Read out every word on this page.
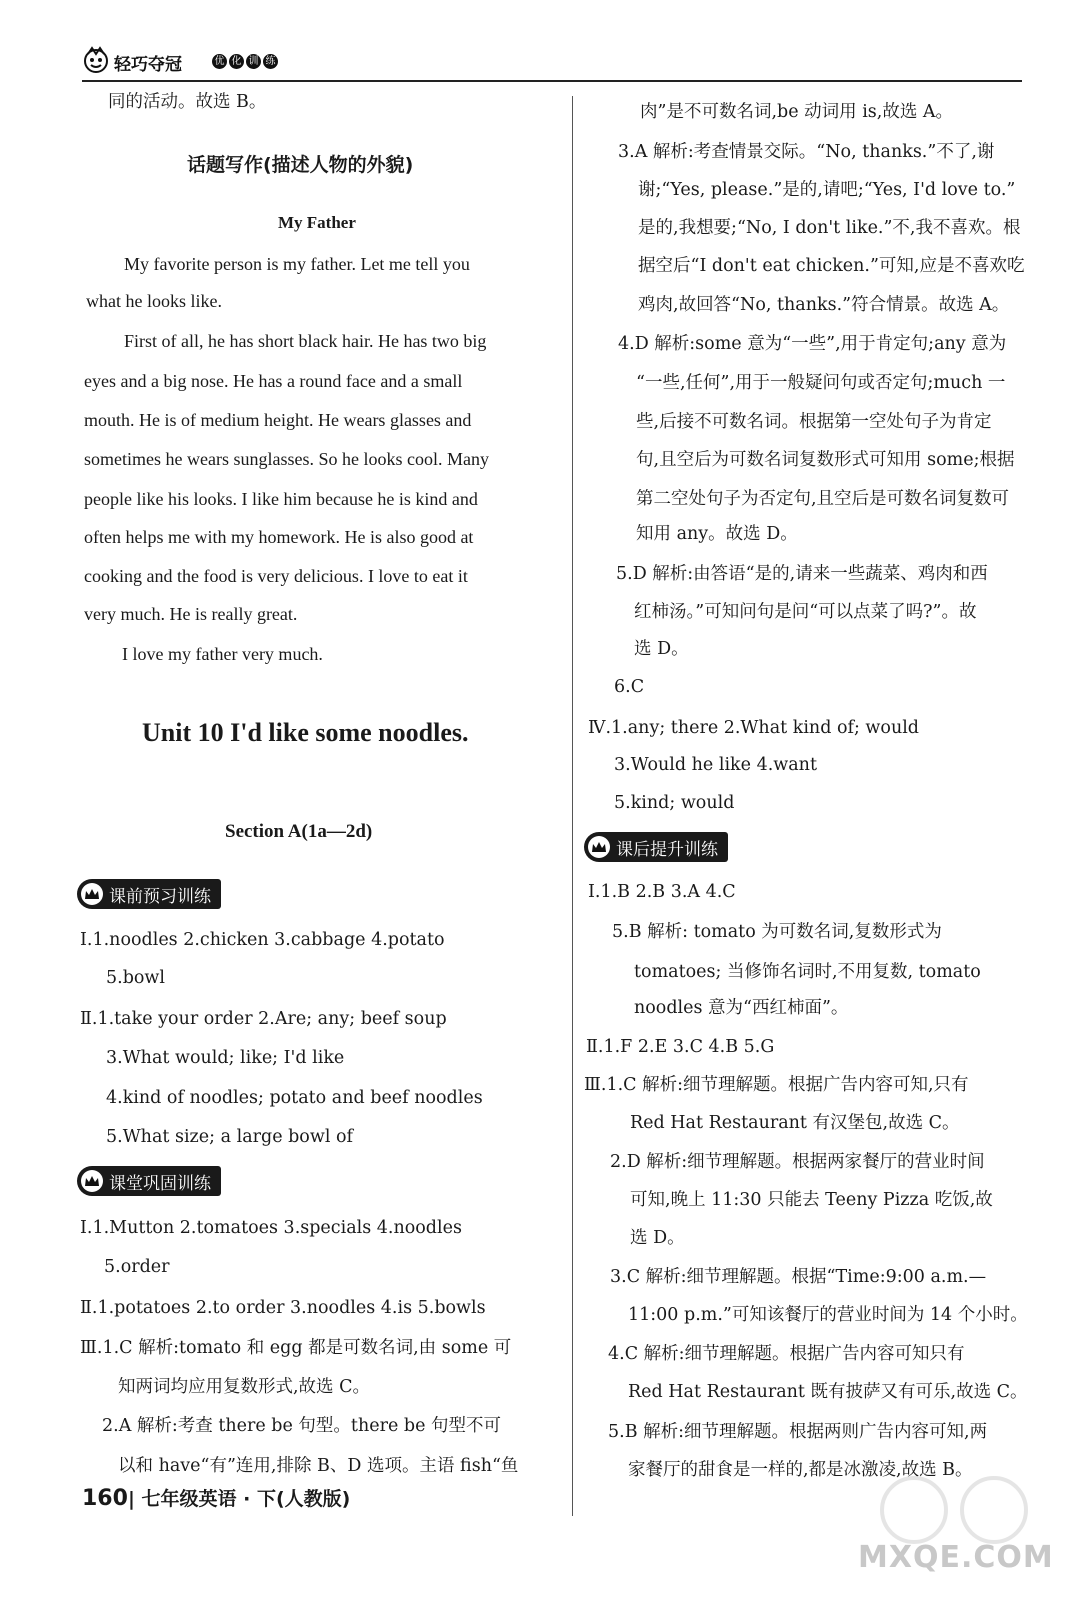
轻巧夺冠	优 化 训 练
同的活动。故选 B。
话题写作(描述人物的外貌)
My Father
My favorite person is my father. Let me tell you
what he looks like.
First of all, he has short black hair. He has two big
eyes and a big nose. He has a round face and a small
mouth. He is of medium height. He wears glasses and
sometimes he wears sunglasses. So he looks cool. Many
people like his looks. I like him because he is kind and
often helps me with my homework. He is also good at
cooking and the food is very delicious. I love to eat it
very much. He is really great.
I love my father very much.
Unit 10 I'd like some noodles.
Section A(1a—2d)
课前预习训练
Ⅰ.1.noodles 2.chicken 3.cabbage 4.potato
5.bowl
Ⅱ.1.take your order 2.Are; any; beef soup
3.What would; like; I'd like
4.kind of noodles; potato and beef noodles
5.What size; a large bowl of
课堂巩固训练
Ⅰ.1.Mutton 2.tomatoes 3.specials 4.noodles
5.order
Ⅱ.1.potatoes 2.to order 3.noodles 4.is 5.bowls
Ⅲ.1.C 解析:tomato 和 egg 都是可数名词,由 some 可
知两词均应用复数形式,故选 C。
2.A 解析:考查 there be 句型。there be 句型不可
以和 have“有”连用,排除 B、D 选项。主语 fish“鱼
肉”是不可数名词,be 动词用 is,故选 A。
3.A 解析:考查情景交际。“No, thanks.”不了,谢
谢;“Yes, please.”是的,请吧;“Yes, I'd love to.”
是的,我想要;“No, I don't like.”不,我不喜欢。根
据空后“I don't eat chicken.”可知,应是不喜欢吃
鸡肉,故回答“No, thanks.”符合情景。故选 A。
4.D 解析:some 意为“一些”,用于肯定句;any 意为
“一些,任何”,用于一般疑问句或否定句;much 一
些,后接不可数名词。根据第一空处句子为肯定
句,且空后为可数名词复数形式可知用 some;根据
第二空处句子为否定句,且空后是可数名词复数可
知用 any。故选 D。
5.D 解析:由答语“是的,请来一些蔬菜、鸡肉和西
红柿汤。”可知问句是问“可以点菜了吗?”。故
选 D。
6.C
Ⅳ.1.any; there 2.What kind of; would
3.Would he like 4.want
5.kind; would
课后提升训练
Ⅰ.1.B 2.B 3.A 4.C
5.B 解析: tomato 为可数名词,复数形式为
tomatoes; 当修饰名词时,不用复数, tomato
noodles 意为“西红柿面”。
Ⅱ.1.F 2.E 3.C 4.B 5.G
Ⅲ.1.C 解析:细节理解题。根据广告内容可知,只有
Red Hat Restaurant 有汉堡包,故选 C。
2.D 解析:细节理解题。根据两家餐厅的营业时间
可知,晚上 11:30 只能去 Teeny Pizza 吃饭,故
选 D。
3.C 解析:细节理解题。根据“Time:9:00 a.m.—
11:00 p.m.”可知该餐厅的营业时间为 14 个小时。
4.C 解析:细节理解题。根据广告内容可知只有
Red Hat Restaurant 既有披萨又有可乐,故选 C。
5.B 解析:细节理解题。根据两则广告内容可知,两
家餐厅的甜食是一样的,都是冰激凌,故选 B。
160| 七年级英语 · 下(人教版)
MXQE.COM
